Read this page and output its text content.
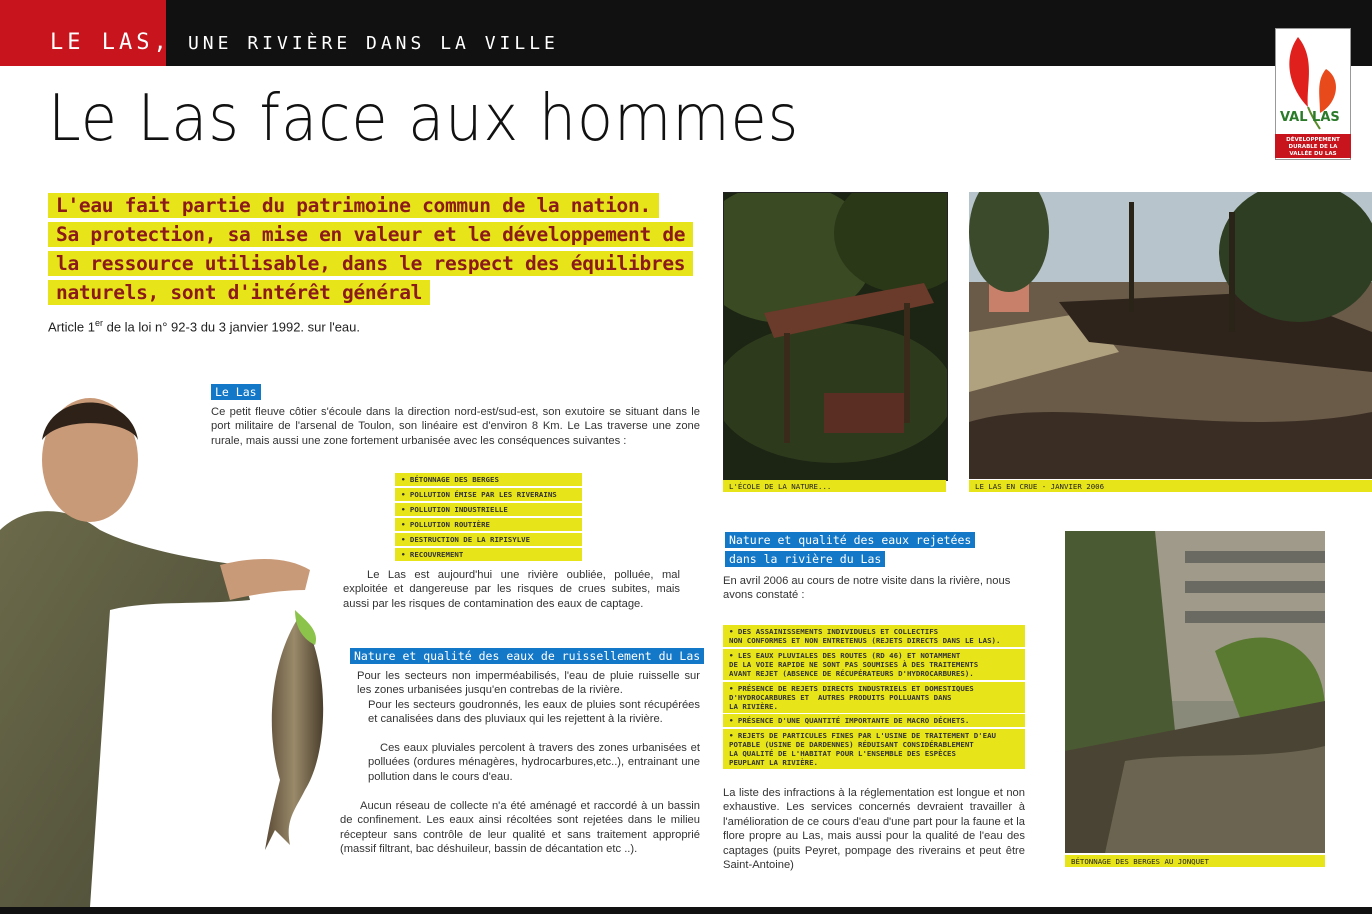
LE LAS, UNE RIVIÈRE DANS LA VILLE
Le Las face aux hommes	VAL LAS
DÉVELOPPEMENT DURABLE DE LA VALLÉE DU LAS
L'eau fait partie du patrimoine commun de la nation.
Sa protection, sa mise en valeur et le développement de
la ressource utilisable, dans le respect des équilibres
naturels, sont d'intérêt général
Article 1er de la loi n° 92-3 du 3 janvier 1992. sur l'eau.
Le Las
Ce petit fleuve côtier s'écoule dans la direction nord-est/sud-est, son exutoire se situant dans le port militaire de l'arsenal de Toulon, son linéaire est d'environ 8 Km. Le Las traverse une zone rurale, mais aussi une zone fortement urbanisée avec les conséquences suivantes :
• BÉTONNAGE DES BERGES
• POLLUTION ÉMISE PAR LES RIVERAINS
• POLLUTION INDUSTRIELLE
• POLLUTION ROUTIÈRE
• DESTRUCTION DE LA RIPISYLVE
• RECOUVREMENT
Le Las est aujourd'hui une rivière oubliée, polluée, mal exploitée et dangereuse par les risques de crues subites, mais aussi par les risques de contamination des eaux de captage.
Nature et qualité des eaux de ruissellement du Las
Pour les secteurs non imperméabilisés, l'eau de pluie ruisselle sur les zones urbanisées jusqu'en contrebas de la rivière.
Pour les secteurs goudronnés, les eaux de pluies sont récupérées et canalisées dans des pluviaux qui les rejettent à la rivière.
Ces eaux pluviales percolent à travers des zones urbanisées et polluées (ordures ménagères, hydrocarbures,etc..), entrainant une pollution dans le cours d'eau.
Aucun réseau de collecte n'a été aménagé et raccordé à un bassin de confinement. Les eaux ainsi récoltées sont rejetées dans le milieu récepteur sans contrôle de leur qualité et sans traitement approprié (massif filtrant, bac déshuileur, bassin de décantation etc ..).
L'ÉCOLE DE LA NATURE...	LE LAS EN CRUE - JANVIER 2006
Nature et qualité des eaux rejetées
dans la rivière du Las
En avril 2006 au cours de notre visite dans la rivière, nous avons constaté :
• DES ASSAINISSEMENTS INDIVIDUELS ET COLLECTIFS
NON CONFORMES ET NON ENTRETENUS (REJETS DIRECTS DANS LE LAS).
• LES EAUX PLUVIALES DES ROUTES (RD 46) ET NOTAMMENT
DE LA VOIE RAPIDE NE SONT PAS SOUMISES À DES TRAITEMENTS
AVANT REJET (ABSENCE DE RÉCUPÉRATEURS D'HYDROCARBURES).
• PRÉSENCE DE REJETS DIRECTS INDUSTRIELS ET DOMESTIQUES
D'HYDROCARBURES ET  AUTRES PRODUITS POLLUANTS DANS
LA RIVIÈRE.
• PRÉSENCE D'UNE QUANTITÉ IMPORTANTE DE MACRO DÉCHETS.
• REJETS DE PARTICULES FINES PAR L'USINE DE TRAITEMENT D'EAU
POTABLE (USINE DE DARDENNES) RÉDUISANT CONSIDÉRABLEMENT
LA QUALITÉ DE L'HABITAT POUR L'ENSEMBLE DES ESPÈCES
PEUPLANT LA RIVIÈRE.
La liste des infractions à la réglementation est longue et non exhaustive. Les services concernés devraient travailler à l'amélioration de ce cours d'eau d'une part pour la faune et la flore propre au Las, mais aussi pour la qualité de l'eau des captages (puits Peyret, pompage des riverains et peut être Saint-Antoine)	BÉTONNAGE DES BERGES AU JONQUET
